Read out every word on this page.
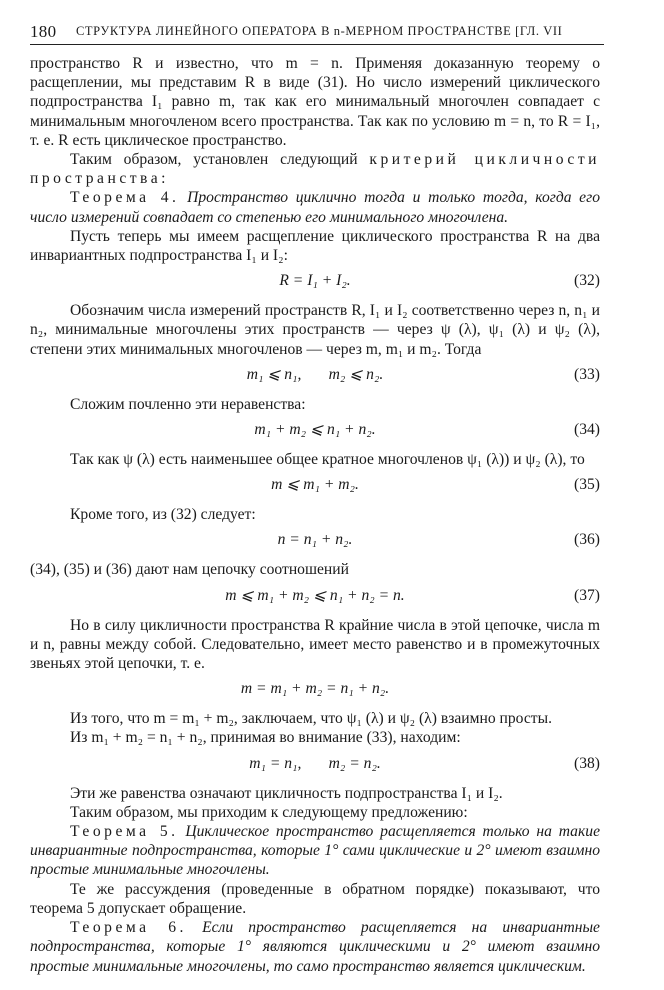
180 СТРУКТУРА ЛИНЕЙНОГО ОПЕРАТОРА В n-МЕРНОМ ПРОСТРАНСТВЕ [ГЛ. VII

пространство R и известно, что m = n. Применяя доказанную теорему о расщеплении, мы представим R в виде (31). Но число измерений циклического подпространства I₁ равно m, так как его минимальный многочлен совпадает с минимальным многочленом всего пространства. Так как по условию m = n, то R = I₁, т. е. R есть циклическое пространство.

Таким образом, установлен следующий критерий цикличности пространства:

Теорема 4. Пространство циклично тогда и только тогда, когда его число измерений совпадает со степенью его минимального многочлена.

Пусть теперь мы имеем расщепление циклического пространства R на два инвариантных подпространства I₁ и I₂:

R = I₁ + I₂.	(32)

Обозначим числа измерений пространств R, I₁ и I₂ соответственно через n, n₁ и n₂, минимальные многочлены этих пространств — через ψ (λ), ψ₁ (λ) и ψ₂ (λ), степени этих минимальных многочленов — через m, m₁ и m₂. Тогда

m₁ ⩽ n₁,       m₂ ⩽ n₂.	(33)

Сложим почленно эти неравенства:

m₁ + m₂ ⩽ n₁ + n₂.	(34)

Так как ψ (λ) есть наименьшее общее кратное многочленов ψ₁ (λ)) и ψ₂ (λ), то

m ⩽ m₁ + m₂.	(35)

Кроме того, из (32) следует:

n = n₁ + n₂.	(36)

(34), (35) и (36) дают нам цепочку соотношений

m ⩽ m₁ + m₂ ⩽ n₁ + n₂ = n.	(37)

Но в силу цикличности пространства R крайние числа в этой цепочке, числа m и n, равны между собой. Следовательно, имеет место равенство и в промежуточных звеньях этой цепочки, т. е.

m = m₁ + m₂ = n₁ + n₂.

Из того, что m = m₁ + m₂, заключаем, что ψ₁ (λ) и ψ₂ (λ) взаимно просты.

Из m₁ + m₂ = n₁ + n₂, принимая во внимание (33), находим:

m₁ = n₁,       m₂ = n₂.	(38)

Эти же равенства означают цикличность подпространства I₁ и I₂.

Таким образом, мы приходим к следующему предложению:

Теорема 5. Циклическое пространство расщепляется только на такие инвариантные подпространства, которые 1° сами циклические и 2° имеют взаимно простые минимальные многочлены.

Те же рассуждения (проведенные в обратном порядке) показывают, что теорема 5 допускает обращение.

Теорема 6. Если пространство расщепляется на инвариантные подпространства, которые 1° являются циклическими и 2° имеют взаимно простые минимальные многочлены, то само пространство является циклическим.
